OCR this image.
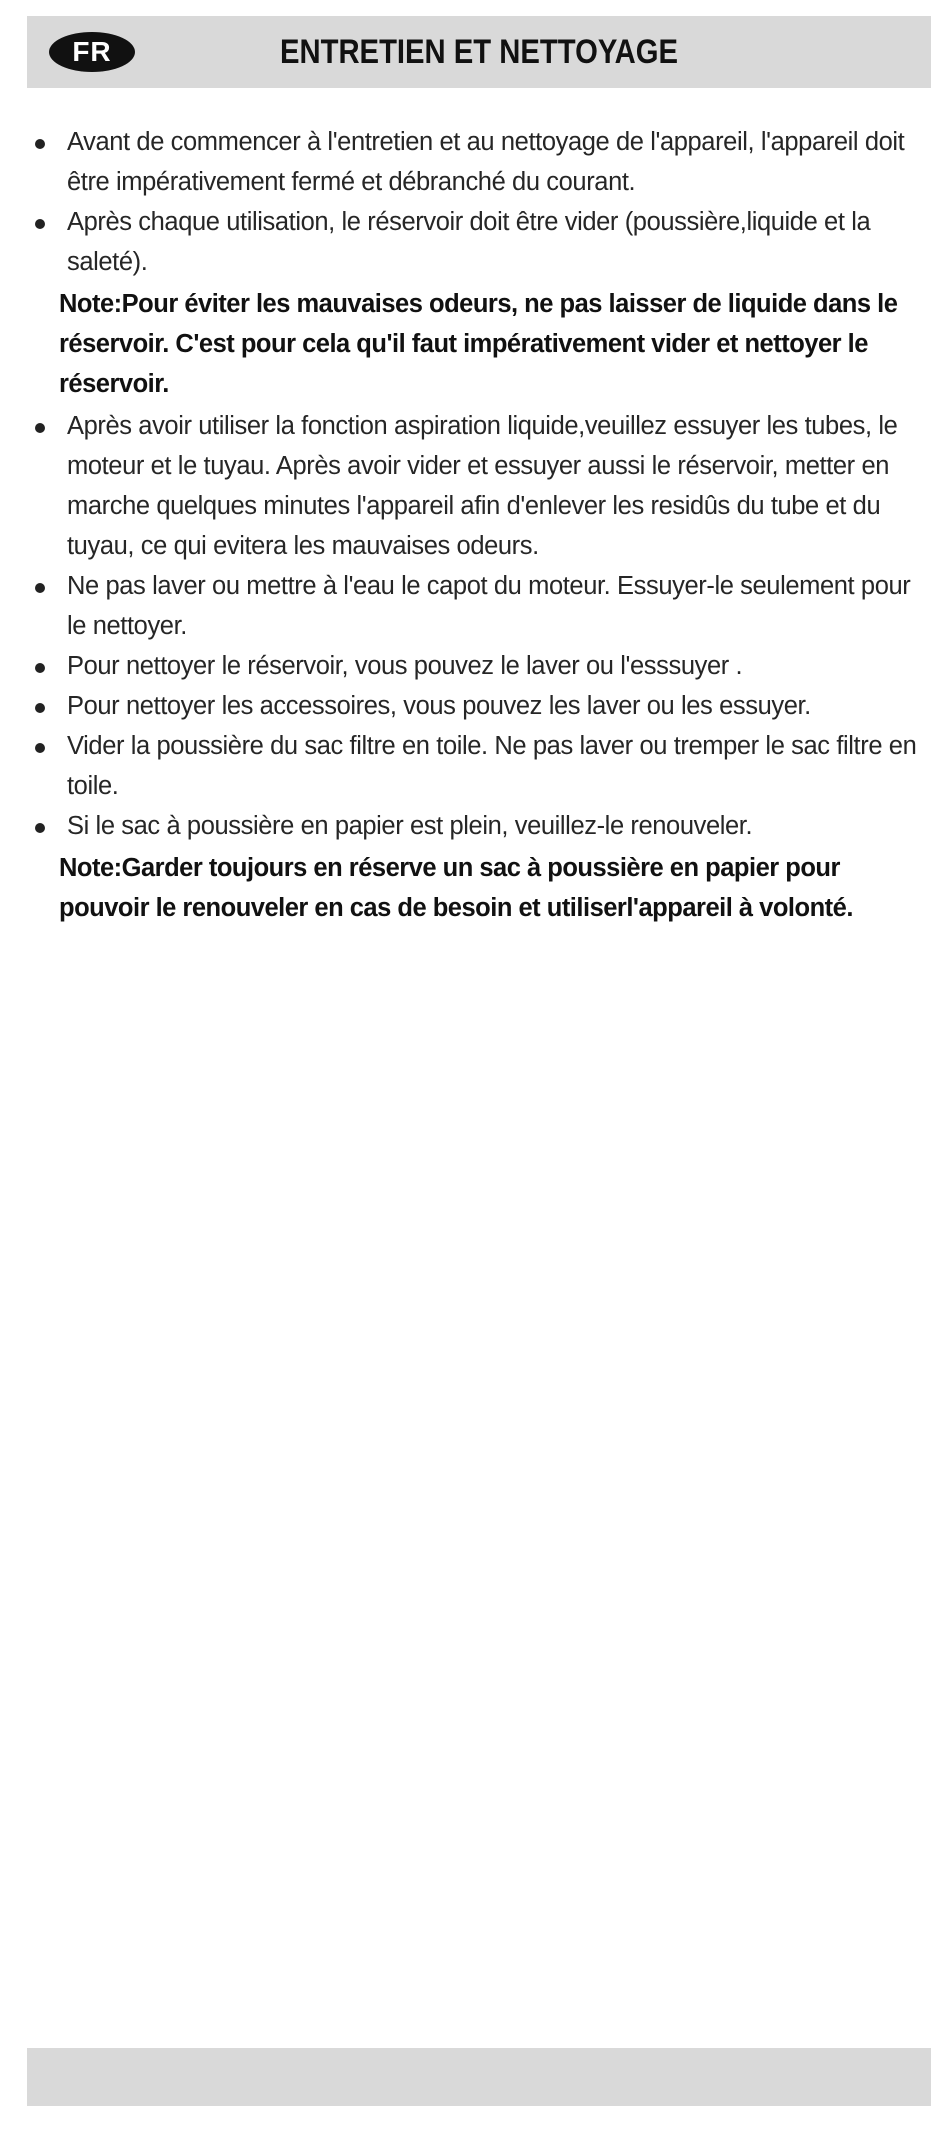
FR	ENTRETIEN ET NETTOYAGE
Avant de commencer à l'entretien et au nettoyage de l'appareil, l'appareil doit être impérativement fermé et débranché du courant.
Après chaque utilisation, le réservoir doit être vider (poussière,liquide et la saleté).

Note:Pour éviter les mauvaises odeurs, ne pas laisser de liquide dans le réservoir. C'est pour cela qu'il faut impérativement vider et nettoyer le réservoir.

Après avoir utiliser la fonction aspiration liquide,veuillez essuyer les tubes, le moteur et le tuyau. Après avoir vider et essuyer aussi le réservoir, metter en marche quelques minutes l'appareil afin d'enlever les residûs du tube et du tuyau, ce qui evitera les mauvaises odeurs.
Ne pas laver ou mettre à l'eau le capot du moteur. Essuyer-le seulement pour le nettoyer.
Pour nettoyer le réservoir, vous pouvez le laver ou l'esssuyer .
Pour nettoyer les accessoires, vous pouvez les laver ou les essuyer.
Vider la poussière du sac filtre en toile. Ne pas laver ou tremper le sac filtre en toile.
Si le sac à poussière en papier est plein, veuillez-le renouveler.

Note:Garder toujours en réserve un sac à poussière en papier pour pouvoir le renouveler en cas de besoin et utiliserl'appareil à volonté.
